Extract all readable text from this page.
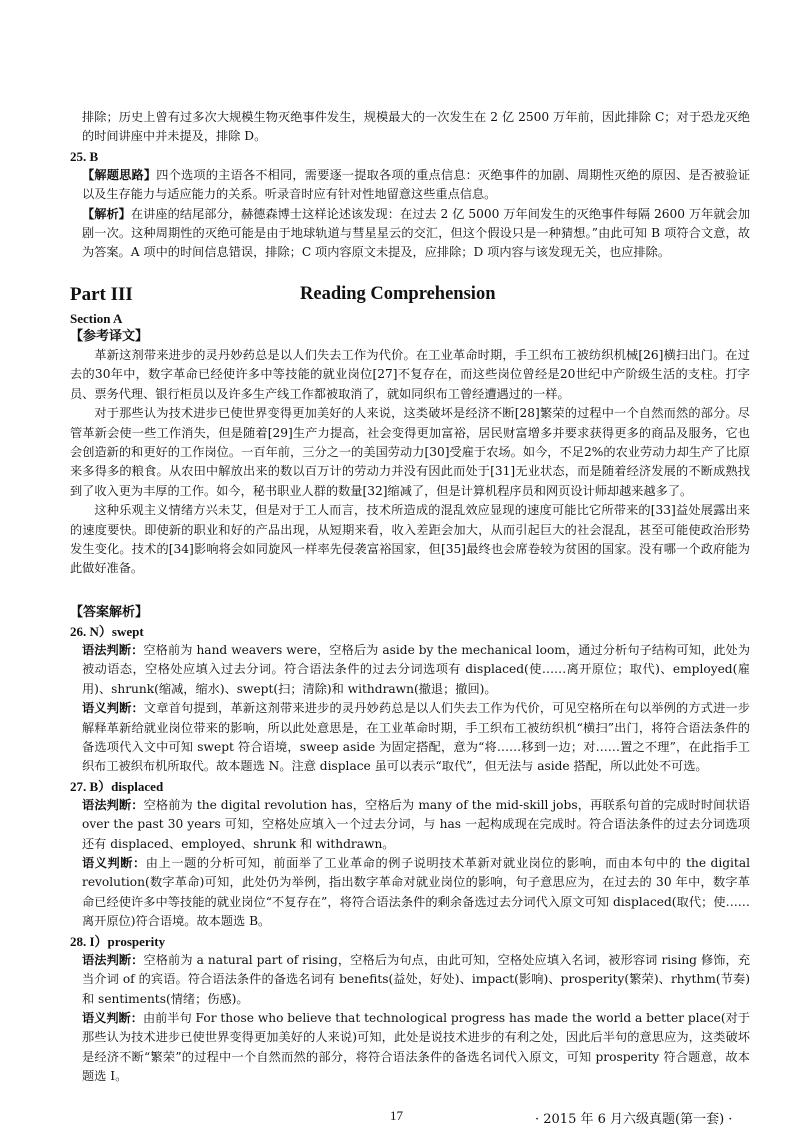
排除；历史上曾有过多次大规模生物灭绝事件发生，规模最大的一次发生在 2 亿 2500 万年前，因此排除 C；对于恐龙灭绝的时间讲座中并未提及，排除 D。

25. B

【解题思路】四个选项的主语各不相同，需要逐一提取各项的重点信息：灭绝事件的加剧、周期性灭绝的原因、是否被验证以及生存能力与适应能力的关系。听录音时应有针对性地留意这些重点信息。

【解析】在讲座的结尾部分，赫德森博士这样论述该发现：在过去 2 亿 5000 万年间发生的灭绝事件每隔 2600 万年就会加剧一次。这种周期性的灭绝可能是由于地球轨道与彗星星云的交汇，但这个假设只是一种猜想。”由此可知 B 项符合文意，故为答案。A 项中的时间信息错误，排除；C 项内容原文未提及，应排除；D 项内容与该发现无关，也应排除。

Part III	Reading Comprehension
Section A
【参考译文】

革新这剂带来进步的灵丹妙药总是以人们失去工作为代价。在工业革命时期，手工织布工被纺织机械[26]横扫出门。在过去的30年中，数字革命已经使许多中等技能的就业岗位[27]不复存在，而这些岗位曾经是20世纪中产阶级生活的支柱。打字员、票务代理、银行柜员以及许多生产线工作都被取消了，就如同织布工曾经遭遇过的一样。

对于那些认为技术进步已使世界变得更加美好的人来说，这类破坏是经济不断[28]繁荣的过程中一个自然而然的部分。尽管革新会使一些工作消失，但是随着[29]生产力提高，社会变得更加富裕，居民财富增多并要求获得更多的商品及服务，它也会创造新的和更好的工作岗位。一百年前，三分之一的美国劳动力[30]受雇于农场。如今，不足2%的农业劳动力却生产了比原来多得多的粮食。从农田中解放出来的数以百万计的劳动力并没有因此而处于[31]无业状态，而是随着经济发展的不断成熟找到了收入更为丰厚的工作。如今，秘书职业人群的数量[32]缩减了，但是计算机程序员和网页设计师却越来越多了。

这种乐观主义情绪方兴未艾，但是对于工人而言，技术所造成的混乱效应显现的速度可能比它所带来的[33]益处展露出来的速度要快。即使新的职业和好的产品出现，从短期来看，收入差距会加大，从而引起巨大的社会混乱，甚至可能使政治形势发生变化。技术的[34]影响将会如同旋风一样率先侵袭富裕国家，但[35]最终也会席卷较为贫困的国家。没有哪一个政府能为此做好准备。

【答案解析】
26. N）swept

语法判断：空格前为 hand weavers were，空格后为 aside by the mechanical loom，通过分析句子结构可知，此处为被动语态，空格处应填入过去分词。符合语法条件的过去分词选项有 displaced(使……离开原位；取代)、employed(雇用)、shrunk(缩减，缩水)、swept(扫；清除)和 withdrawn(撤退；撤回)。

语义判断：文章首句提到，革新这剂带来进步的灵丹妙药总是以人们失去工作为代价，可见空格所在句以举例的方式进一步解释革新给就业岗位带来的影响，所以此处意思是，在工业革命时期，手工织布工被纺织机“横扫”出门，将符合语法条件的备选项代入文中可知 swept 符合语境，sweep aside 为固定搭配，意为“将……移到一边；对……置之不理”，在此指手工织布工被织布机所取代。故本题选 N。注意 displace 虽可以表示“取代”，但无法与 aside 搭配，所以此处不可选。

27. B）displaced

语法判断：空格前为 the digital revolution has，空格后为 many of the mid-skill jobs，再联系句首的完成时时间状语 over the past 30 years 可知，空格处应填入一个过去分词，与 has 一起构成现在完成时。符合语法条件的过去分词选项还有 displaced、employed、shrunk 和 withdrawn。

语义判断：由上一题的分析可知，前面举了工业革命的例子说明技术革新对就业岗位的影响，而由本句中的 the digital revolution(数字革命)可知，此处仍为举例，指出数字革命对就业岗位的影响，句子意思应为，在过去的 30 年中，数字革命已经使许多中等技能的就业岗位“不复存在”，将符合语法条件的剩余备选过去分词代入原文可知 displaced(取代；使……离开原位)符合语境。故本题选 B。

28. I）prosperity

语法判断：空格前为 a natural part of rising，空格后为句点，由此可知，空格处应填入名词，被形容词 rising 修饰，充当介词 of 的宾语。符合语法条件的备选名词有 benefits(益处，好处)、impact(影响)、prosperity(繁荣)、rhythm(节奏)和 sentiments(情绪；伤感)。

语义判断：由前半句 For those who believe that technological progress has made the world a better place(对于那些认为技术进步已使世界变得更加美好的人来说)可知，此处是说技术进步的有利之处，因此后半句的意思应为，这类破坏是经济不断“繁荣”的过程中一个自然而然的部分，将符合语法条件的备选名词代入原文，可知 prosperity 符合题意，故本题选 I。

17	· 2015 年 6 月六级真题(第一套) ·
